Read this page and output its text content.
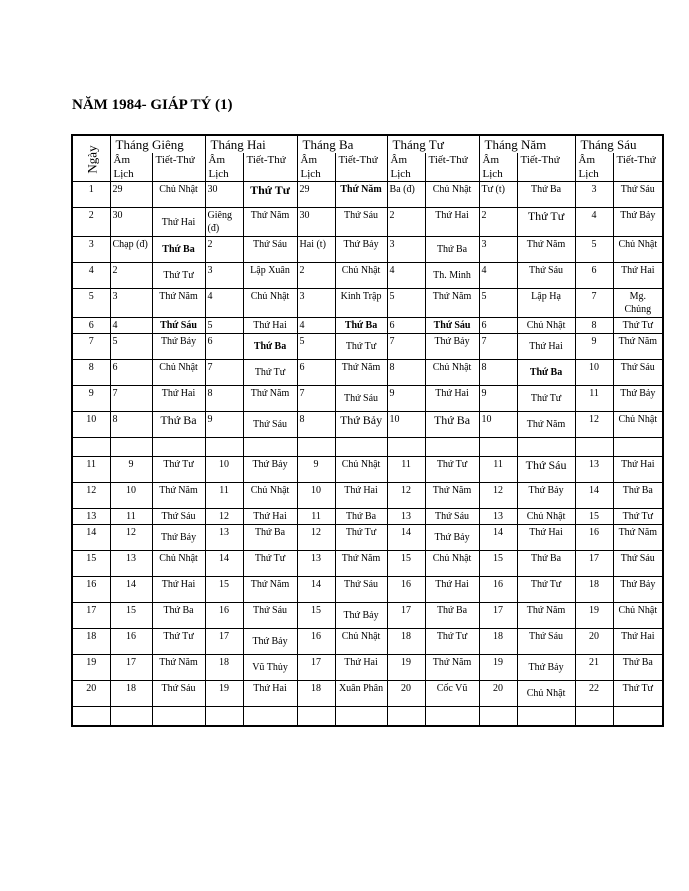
NĂM 1984- GIÁP TÝ (1)
Ngày	Tháng Giêng		Tháng Hai		Tháng Ba		Tháng Tư		Tháng Năm		Tháng Sáu	
	Âm Lịch	Tiết-Thứ	Âm Lịch	Tiết-Thứ	Âm Lịch	Tiết-Thứ	Âm Lịch	Tiết-Thứ	Âm Lịch	Tiết-Thứ	Âm Lịch	Tiết-Thứ
1	29	Chủ Nhật	30	Thứ Tư	29	Thứ Năm	Ba (đ)	Chủ Nhật	Tư (t)	Thứ Ba	3	Thứ Sáu
2	30	Thứ Hai	Giêng (đ)	Thứ Năm	30	Thứ Sáu	2	Thứ Hai	2	Thứ Tư	4	Thứ Bảy
3	Chạp (đ)	Thứ Ba	2	Thứ Sáu	Hai (t)	Thứ Bảy	3	Thứ Ba	3	Thứ Năm	5	Chủ Nhật
4	2	Thứ Tư	3	Lập Xuân	2	Chủ Nhật	4	Th. Minh	4	Thứ Sáu	6	Thứ Hai
5	3	Thứ Năm	4	Chủ Nhật	3	Kinh Trập	5	Thứ Năm	5	Lập Hạ	7	Mg. Chủng
6	4	Thứ Sáu	5	Thứ Hai	4	Thứ Ba	6	Thứ Sáu	6	Chủ Nhật	8	Thứ Tư
7	5	Thứ Bảy	6	Thứ Ba	5	Thứ Tư	7	Thứ Bảy	7	Thứ Hai	9	Thứ Năm
8	6	Chủ Nhật	7	Thứ Tư	6	Thứ Năm	8	Chủ Nhật	8	Thứ Ba	10	Thứ Sáu
9	7	Thứ Hai	8	Thứ Năm	7	Thứ Sáu	9	Thứ Hai	9	Thứ Tư	11	Thứ Bảy
10	8	Thứ Ba	9	Thứ Sáu	8	Thứ Bảy	10	Thứ Ba	10	Thứ Năm	12	Chủ Nhật

11	9	Thứ Tư	10	Thứ Bảy	9	Chủ Nhật	11	Thứ Tư	11	Thứ Sáu	13	Thứ Hai
12	10	Thứ Năm	11	Chủ Nhật	10	Thứ Hai	12	Thứ Năm	12	Thứ Bảy	14	Thứ Ba
13	11	Thứ Sáu	12	Thứ Hai	11	Thứ Ba	13	Thứ Sáu	13	Chủ Nhật	15	Thứ Tư
14	12	Thứ Bảy	13	Thứ Ba	12	Thứ Tư	14	Thứ Bảy	14	Thứ Hai	16	Thứ Năm
15	13	Chủ Nhật	14	Thứ Tư	13	Thứ Năm	15	Chủ Nhật	15	Thứ Ba	17	Thứ Sáu
16	14	Thứ Hai	15	Thứ Năm	14	Thứ Sáu	16	Thứ Hai	16	Thứ Tư	18	Thứ Bảy
17	15	Thứ Ba	16	Thứ Sáu	15	Thứ Bảy	17	Thứ Ba	17	Thứ Năm	19	Chủ Nhật
18	16	Thứ Tư	17	Thứ Bảy	16	Chủ Nhật	18	Thứ Tư	18	Thứ Sáu	20	Thứ Hai
19	17	Thứ Năm	18	Vũ Thủy	17	Thứ Hai	19	Thứ Năm	19	Thứ Bảy	21	Thứ Ba
20	18	Thứ Sáu	19	Thứ Hai	18	Xuân Phân	20	Cốc Vũ	20	Chủ Nhật	22	Thứ Tư
